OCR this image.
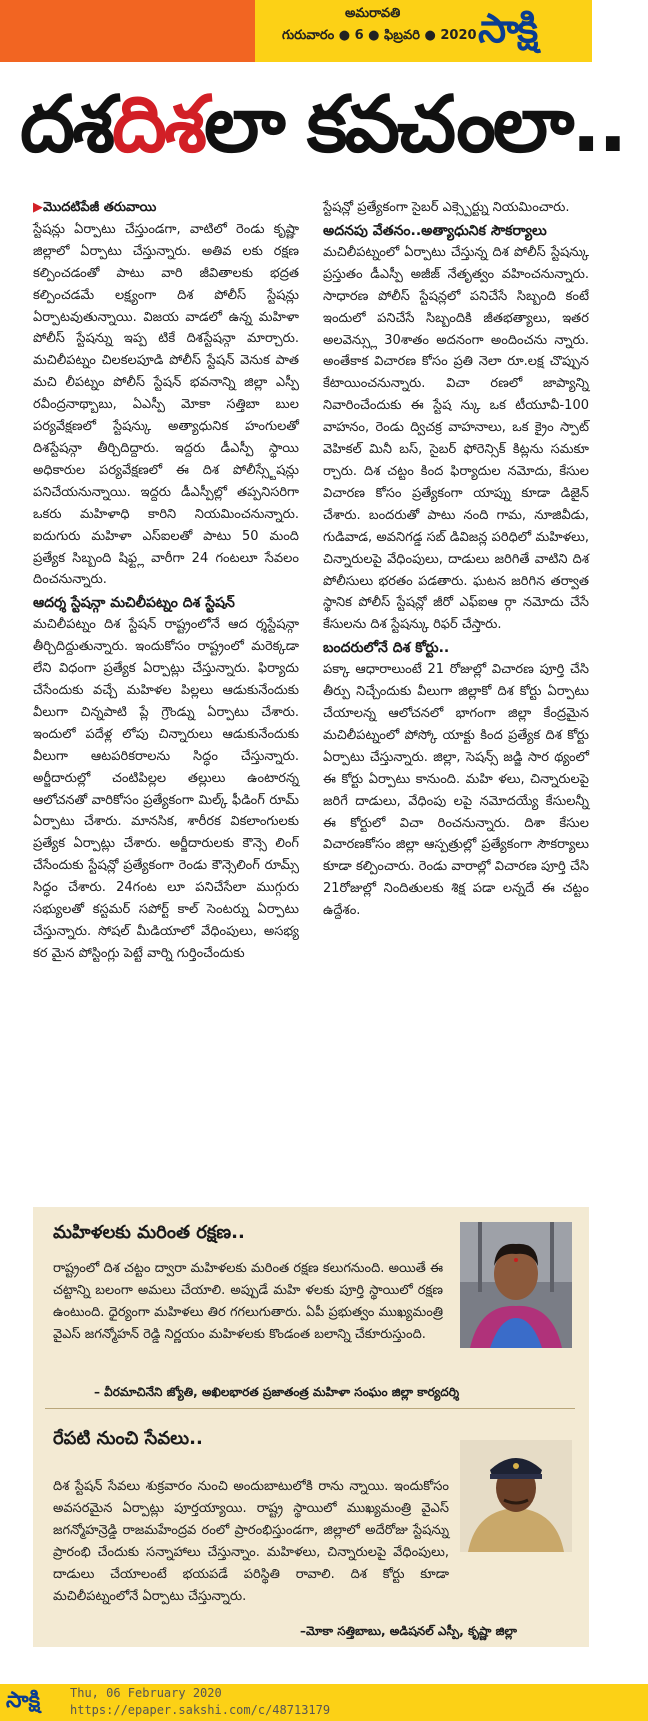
అమరావతి
గురువారం ● 6 ● ఫిబ్రవరి ● 2020 సాక్షి
దశదిశలా కవచంలా..
▶మొదటిపేజీ తరువాయి

స్టేషన్లు ఏర్పాటు చేస్తుండగా, వాటిలో రెండు కృష్ణా జిల్లాలో ఏర్పాటు చేస్తున్నారు. అతివ లకు రక్షణ కల్పించడంతో పాటు వారి జీవితాలకు భద్రత కల్పించడమే లక్ష్యంగా దిశ పోలీస్ స్టేషన్లు ఏర్పాటవుతున్నాయి. విజయ వాడలో ఉన్న మహిళా పోలీస్ స్టేషన్ను ఇప్ప టికే దిశస్టేషన్గా మార్చారు. మచిలీపట్నం చిలకలపూడి పోలీస్ స్టేషన్ వెనుక పాత మచి లీపట్నం పోలీస్ స్టేషన్ భవనాన్ని జిల్లా ఎస్పీ రవీంద్రనాథ్బాబు, ఏఎస్పీ మోకా సత్తిబా బుల పర్యవేక్షణలో స్టేషన్కు అత్యాధునిక హంగులతో దిశస్టేషన్గా తీర్చిదిద్దారు. ఇద్దరు డీఎస్పీ స్థాయి అధికారుల పర్యవేక్షణలో ఈ దిశ పోలీస్స్టేషన్లు పనిచేయనున్నాయి. ఇద్దరు డీఎస్పీల్లో తప్పనిసరిగా ఒకరు మహిళాధి కారిని నియమించనున్నారు. ఐదుగురు మహిళా ఎస్ఐలతో పాటు 50 మంది ప్రత్యేక సిబ్బంది షిఫ్ట్ల వారీగా 24 గంటలూ సేవలం దించనున్నారు.

ఆదర్శ స్టేషన్గా మచిలీపట్నం దిశ స్టేషన్

మచిలీపట్నం దిశ స్టేషన్ రాష్ట్రంలోనే ఆద ర్శస్టేషన్గా తీర్చిదిద్దుతున్నారు. ఇందుకోసం రాష్ట్రంలో మరెక్కడా లేని విధంగా ప్రత్యేక ఏర్పాట్లు చేస్తున్నారు. ఫిర్యాదు చేసేందుకు వచ్చే మహిళల పిల్లలు ఆడుకునేందుకు వీలుగా చిన్నపాటి ప్లే గ్రౌండ్ను ఏర్పాటు చేశారు. ఇందులో పదేళ్ల లోపు చిన్నారులు ఆడుకునేందుకు వీలుగా ఆటపరికరాలను సిద్ధం చేస్తున్నారు. అర్జీదారుల్లో చంటిపిల్లల తల్లులు ఉంటారన్న ఆలోచనతో వారికోసం ప్రత్యేకంగా మిల్క్ ఫీడింగ్ రూమ్ ఏర్పాటు చేశారు. మానసిక, శారీరక వికలాంగులకు ప్రత్యేక ఏర్పాట్లు చేశారు. అర్జీదారులకు కౌన్సె లింగ్ చేసేందుకు స్టేషన్లో ప్రత్యేకంగా రెండు కౌన్సెలింగ్ రూమ్స్ సిద్ధం చేశారు. 24గంట లూ పనిచేసేలా ముగ్గురు సభ్యులతో కస్టమర్ సపోర్ట్ కాల్ సెంటర్ను ఏర్పాటు చేస్తున్నారు. సోషల్ మీడియాలో వేధింపులు, అసభ్య కర మైన పోస్టింగ్లు పెట్టే వార్ని గుర్తించేందుకు

స్టేషన్లో ప్రత్యేకంగా సైబర్ ఎక్స్పెర్ట్ను నియమించారు.

అదనపు వేతనం..అత్యాధునిక సౌకర్యాలు

మచిలీపట్నంలో ఏర్పాటు చేస్తున్న దిశ పోలీస్ స్టేషన్కు ప్రస్తుతం డీఎస్పీ అజీజ్ నేతృత్వం వహించనున్నారు. సాధారణ పోలీస్ స్టేషన్లలో పనిచేసే సిబ్బంది కంటే ఇందులో పనిచేసే సిబ్బందికి జీతభత్యాలు, ఇతర అలవెన్స్లు 30శాతం అదనంగా అందించను న్నారు. అంతేకాక విచారణ కోసం ప్రతి నెలా రూ.లక్ష చొప్పున కేటాయించనున్నారు. విచా రణలో జాప్యాన్ని నివారించేందుకు ఈ స్టేష న్కు ఒక టీయూవీ-100 వాహనం, రెండు ద్విచక్ర వాహనాలు, ఒక క్రైం స్పాట్ వెహికల్ మినీ బస్, సైబర్ ఫోరెన్సిక్ కిట్లను సమకూ ర్చారు. దిశ చట్టం కింద ఫిర్యాదుల నమోదు, కేసుల విచారణ కోసం ప్రత్యేకంగా యాప్ను కూడా డిజైన్ చేశారు. బందరుతో పాటు నంది గామ, నూజివీడు, గుడివాడ, అవనిగడ్డ సబ్ డివిజన్ల పరిధిలో మహిళలు, చిన్నారులపై వేధింపులు, దాడులు జరిగితే వాటిని దిశ పోలీసులు భరతం పడతారు. ఘటన జరిగిన తర్వాత స్థానిక పోలీస్ స్టేషన్లో జీరో ఎఫ్ఐఆ ర్గా నమోదు చేసే కేసులను దిశ స్టేషన్కు రిఫర్ చేస్తారు.

బందరులోనే దిశ కోర్టు..

పక్కా ఆధారాలుంటే 21 రోజుల్లో విచారణ పూర్తి చేసి తీర్పు నిచ్చేందుకు వీలుగా జిల్లాకో దిశ కోర్టు ఏర్పాటు చేయాలన్న ఆలోచనలో భాగంగా జిల్లా కేంద్రమైన మచిలీపట్నంలో పోస్కో యాక్టు కింద ప్రత్యేక దిశ కోర్టు ఏర్పాటు చేస్తున్నారు. జిల్లా, సెషన్స్ జడ్జి సార థ్యంలో ఈ కోర్టు ఏర్పాటు కానుంది. మహి ళలు, చిన్నారులపై జరిగే దాడులు, వేధింపు లపై నమోదయ్యే కేసులన్నీ ఈ కోర్టులో విచా రించనున్నారు. దిశా కేసుల విచారణకోసం జిల్లా ఆస్పత్రుల్లో ప్రత్యేకంగా సౌకర్యాలు కూడా కల్పించారు. రెండు వారాల్లో విచారణ పూర్తి చేసి 21రోజుల్లో నిందితులకు శిక్ష పడా లన్నదే ఈ చట్టం ఉద్దేశం.

మహిళలకు మరింత రక్షణ..
రాష్ట్రంలో దిశ చట్టం ద్వారా మహిళలకు మరింత రక్షణ కలుగనుంది. అయితే ఈ చట్టాన్ని బలంగా అమలు చేయాలి. అప్పుడే మహి ళలకు పూర్తి స్థాయిలో రక్షణ ఉంటుంది. ధైర్యంగా మహిళలు తిర గగలుగుతారు. ఏపీ ప్రభుత్వం ముఖ్యమంత్రి వైఎస్ జగన్మోహన్ రెడ్డి నిర్ణయం మహిళలకు కొండంత బలాన్ని చేకూరుస్తుంది.
– వీరమాచినేని జ్యోతి, అఖిలభారత ప్రజాతంత్ర మహిళా సంఘం జిల్లా కార్యదర్శి
రేపటి నుంచి సేవలు..
దిశ స్టేషన్ సేవలు శుక్రవారం నుంచి అందుబాటులోకి రాను న్నాయి. ఇందుకోసం అవసరమైన ఏర్పాట్లు పూర్తయ్యాయి. రాష్ట్ర స్థాయిలో ముఖ్యమంత్రి వైఎస్ జగన్మోహన్రెడ్డి రాజమహేంద్రవ రంలో ప్రారంభిస్తుండగా, జిల్లాలో అదేరోజు స్టేషన్ను ప్రారంభి చేందుకు సన్నాహాలు చేస్తున్నాం. మహిళలు, చిన్నారులపై వేధింపులు, దాడులు చేయాలంటే భయపడే పరిస్థితి రావాలి. దిశ కోర్టు కూడా మచిలీపట్నంలోనే ఏర్పాటు చేస్తున్నారు.
–మోకా సత్తిబాబు, అడిషనల్ ఎస్పీ, కృష్ణా జిల్లా
సాక్షి Thu, 06 February 2020
https://epaper.sakshi.com/c/48713179
